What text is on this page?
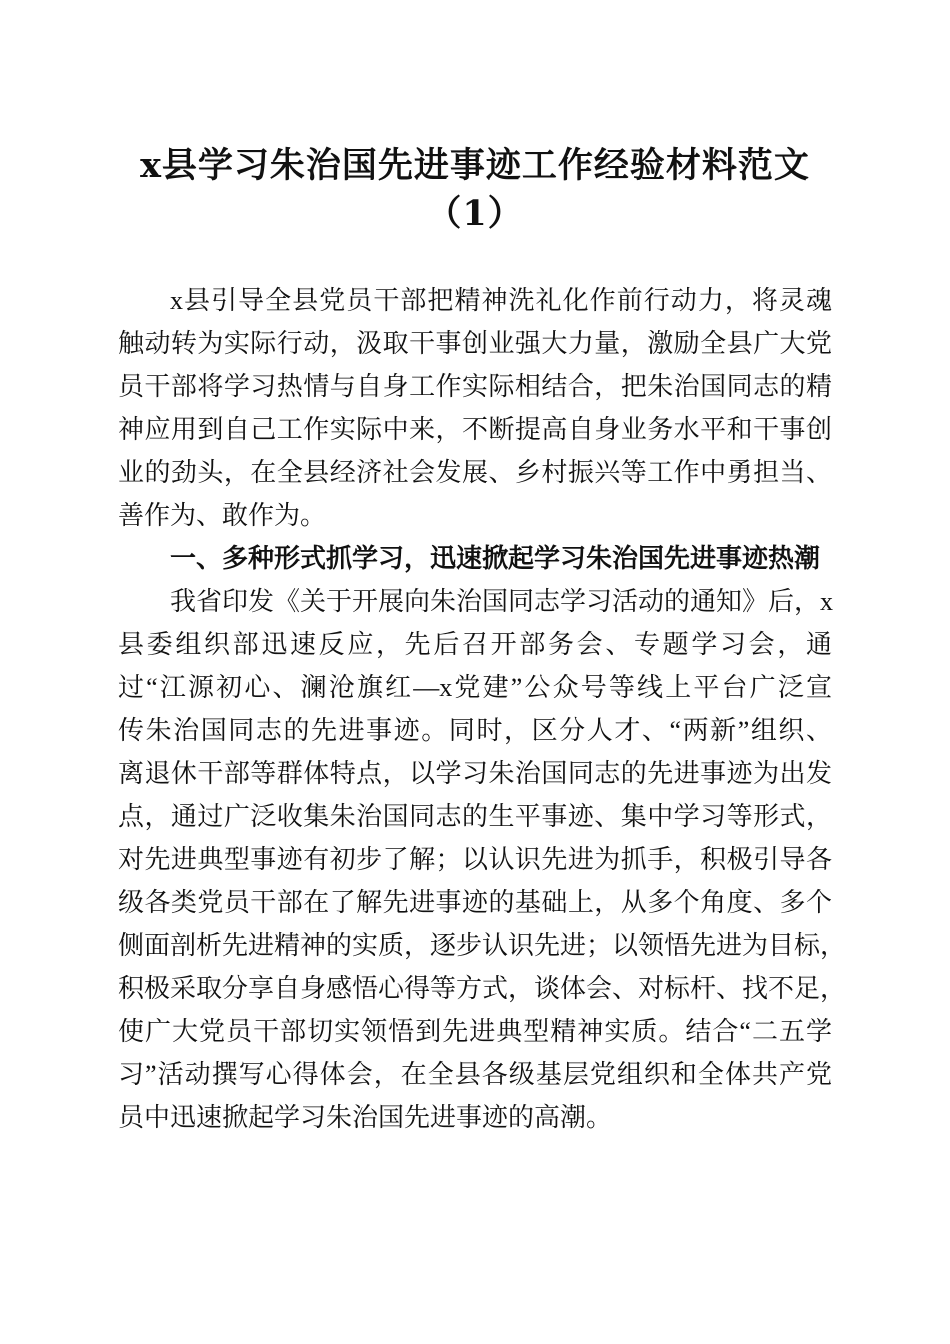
x县学习朱治国先进事迹工作经验材料范文
（1）
x县引导全县党员干部把精神洗礼化作前行动力，将灵魂
触动转为实际行动，汲取干事创业强大力量，激励全县广大党
员干部将学习热情与自身工作实际相结合，把朱治国同志的精
神应用到自己工作实际中来，不断提高自身业务水平和干事创
业的劲头，在全县经济社会发展、乡村振兴等工作中勇担当、
善作为、敢作为。
一、多种形式抓学习，迅速掀起学习朱治国先进事迹热潮
我省印发《关于开展向朱治国同志学习活动的通知》后，x
县委组织部迅速反应，先后召开部务会、专题学习会，通
过“江源初心、澜沧旗红—x党建”公众号等线上平台广泛宣
传朱治国同志的先进事迹。同时，区分人才、“两新”组织、
离退休干部等群体特点，以学习朱治国同志的先进事迹为出发
点，通过广泛收集朱治国同志的生平事迹、集中学习等形式，
对先进典型事迹有初步了解；以认识先进为抓手，积极引导各
级各类党员干部在了解先进事迹的基础上，从多个角度、多个
侧面剖析先进精神的实质，逐步认识先进；以领悟先进为目标，
积极采取分享自身感悟心得等方式，谈体会、对标杆、找不足，
使广大党员干部切实领悟到先进典型精神实质。结合“二五学
习”活动撰写心得体会，在全县各级基层党组织和全体共产党
员中迅速掀起学习朱治国先进事迹的高潮。
